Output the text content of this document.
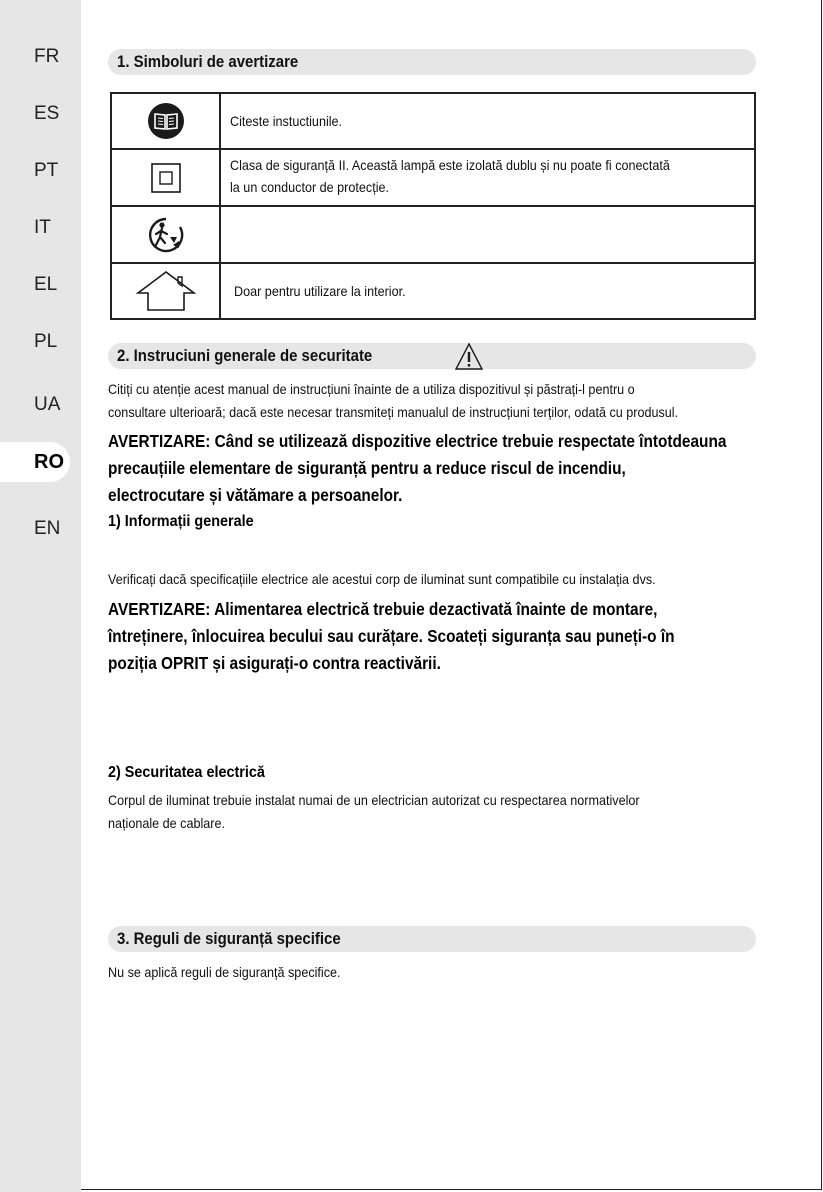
FR
ES
PT
IT
EL
PL
UA
RO
EN
1. Simboluri de avertizare
Citeste instuctiunile.
Clasa de siguranță II. Această lampă este izolată dublu și nu poate fi conectată
la un conductor de protecție.
Doar pentru utilizare la interior.
2. Instruciuni generale de securitate
Citiți cu atenție acest manual de instrucțiuni înainte de a utiliza dispozitivul și păstrați-l pentru o
consultare ulterioară; dacă este necesar transmiteți manualul de instrucțiuni terților, odată cu produsul.
AVERTIZARE: Când se utilizează dispozitive electrice trebuie respectate întotdeauna
precauțiile elementare de siguranță pentru a reduce riscul de incendiu,
electrocutare și vătămare a persoanelor.
1) Informații generale
Verificați dacă specificațiile electrice ale acestui corp de iluminat sunt compatibile cu instalația dvs.
AVERTIZARE: Alimentarea electrică trebuie dezactivată înainte de montare,
întreținere, înlocuirea becului sau curățare. Scoateți siguranța sau puneți-o în
poziția OPRIT și asigurați-o contra reactivării.
2) Securitatea electrică
Corpul de iluminat trebuie instalat numai de un electrician autorizat cu respectarea normativelor
naționale de cablare.
3. Reguli de siguranță specifice
Nu se aplică reguli de siguranță specifice.
